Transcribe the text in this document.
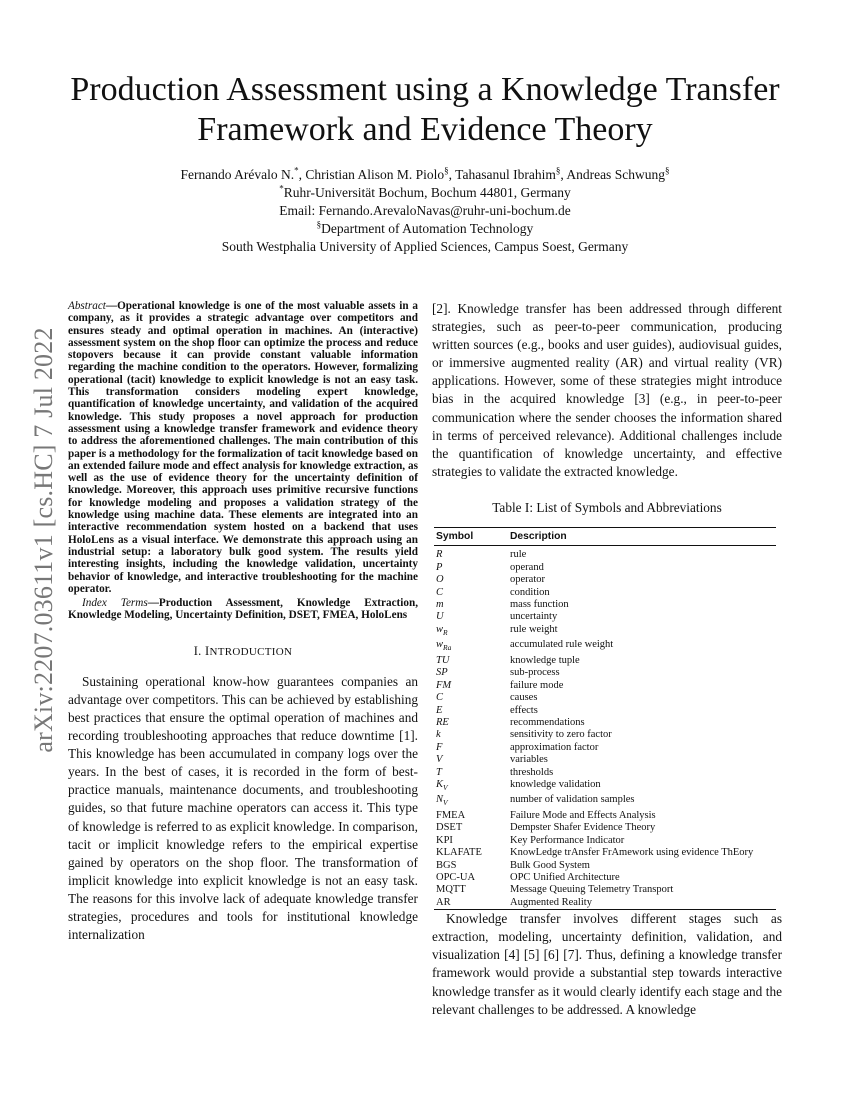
arXiv:2207.03611v1 [cs.HC] 7 Jul 2022
Production Assessment using a Knowledge Transfer
Framework and Evidence Theory
Fernando Arévalo N.*, Christian Alison M. Piolo§, Tahasanul Ibrahim§, Andreas Schwung§
*Ruhr-Universität Bochum, Bochum 44801, Germany
Email: Fernando.ArevaloNavas@ruhr-uni-bochum.de
§Department of Automation Technology
South Westphalia University of Applied Sciences, Campus Soest, Germany

Abstract—Operational knowledge is one of the most valuable assets in a company, as it provides a strategic advantage over competitors and ensures steady and optimal operation in machines. An (interactive) assessment system on the shop floor can optimize the process and reduce stopovers because it can provide constant valuable information regarding the machine condition to the operators. However, formalizing operational (tacit) knowledge to explicit knowledge is not an easy task. This transformation considers modeling expert knowledge, quantification of knowledge uncertainty, and validation of the acquired knowledge. This study proposes a novel approach for production assessment using a knowledge transfer framework and evidence theory to address the aforementioned challenges. The main contribution of this paper is a methodology for the formalization of tacit knowledge based on an extended failure mode and effect analysis for knowledge extraction, as well as the use of evidence theory for the uncertainty definition of knowledge. Moreover, this approach uses primitive recursive functions for knowledge modeling and proposes a validation strategy of the knowledge using machine data. These elements are integrated into an interactive recommendation system hosted on a backend that uses HoloLens as a visual interface. We demonstrate this approach using an industrial setup: a laboratory bulk good system. The results yield interesting insights, including the knowledge validation, uncertainty behavior of knowledge, and interactive troubleshooting for the machine operator.

Index Terms—Production Assessment, Knowledge Extraction, Knowledge Modeling, Uncertainty Definition, DSET, FMEA, HoloLens

I. INTRODUCTION

Sustaining operational know-how guarantees companies an advantage over competitors. This can be achieved by establishing best practices that ensure the optimal operation of machines and recording troubleshooting approaches that reduce downtime [1]. This knowledge has been accumulated in company logs over the years. In the best of cases, it is recorded in the form of best-practice manuals, maintenance documents, and troubleshooting guides, so that future machine operators can access it. This type of knowledge is referred to as explicit knowledge. In comparison, tacit or implicit knowledge refers to the empirical expertise gained by operators on the shop floor. The transformation of implicit knowledge into explicit knowledge is not an easy task. The reasons for this involve lack of adequate knowledge transfer strategies, procedures and tools for institutional knowledge internalization

[2]. Knowledge transfer has been addressed through different strategies, such as peer-to-peer communication, producing written sources (e.g., books and user guides), audiovisual guides, or immersive augmented reality (AR) and virtual reality (VR) applications. However, some of these strategies might introduce bias in the acquired knowledge [3] (e.g., in peer-to-peer communication where the sender chooses the information shared in terms of perceived relevance). Additional challenges include the quantification of knowledge uncertainty, and effective strategies to validate the extracted knowledge.

Table I: List of Symbols and Abbreviations
Symbol	Description
R	rule
P	operand
O	operator
C	condition
m	mass function
U	uncertainty
$w_R$	rule weight
$w_{Ra}$	accumulated rule weight
TU	knowledge tuple
SP	sub-process
FM	failure mode
C	causes
E	effects
RE	recommendations
k	sensitivity to zero factor
F	approximation factor
V	variables
T	thresholds
$K_V$	knowledge validation
$N_V$	number of validation samples
FMEA	Failure Mode and Effects Analysis
DSET	Dempster Shafer Evidence Theory
KPI	Key Performance Indicator
KLAFATE	KnowLedge trAnsfer FrAmework using evidence ThEory
BGS	Bulk Good System
OPC-UA	OPC Unified Architecture
MQTT	Message Queuing Telemetry Transport
AR	Augmented Reality

Knowledge transfer involves different stages such as extraction, modeling, uncertainty definition, validation, and visualization [4] [5] [6] [7]. Thus, defining a knowledge transfer framework would provide a substantial step towards interactive knowledge transfer as it would clearly identify each stage and the relevant challenges to be addressed. A knowledge
